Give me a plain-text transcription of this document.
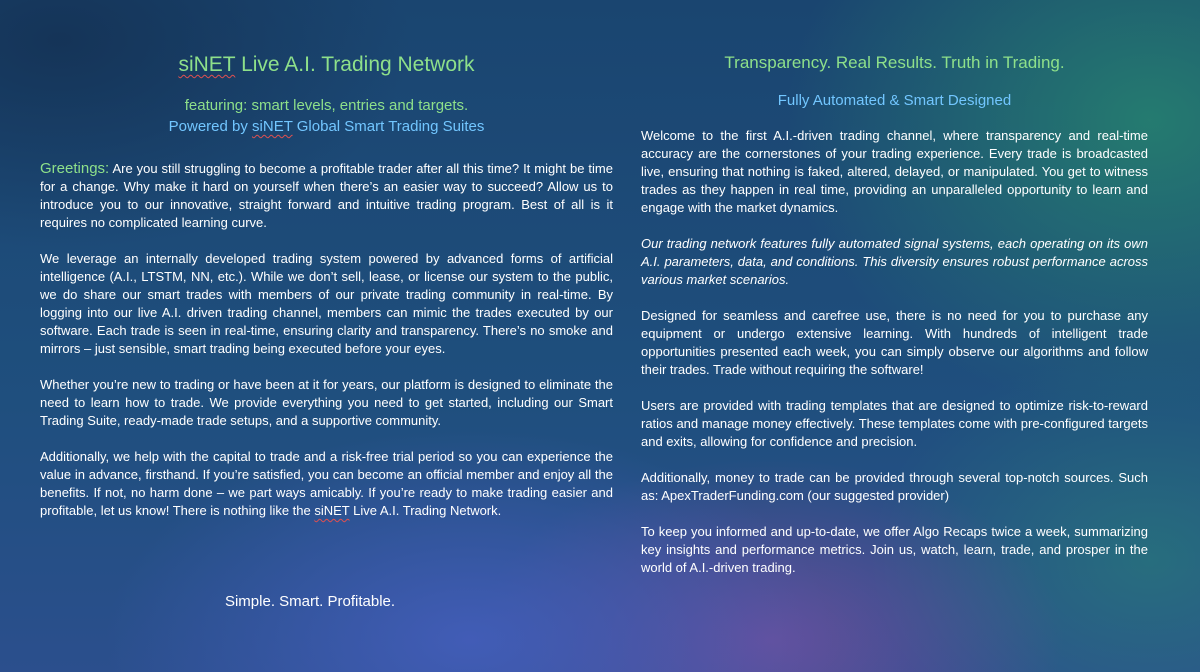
siNET Live A.I. Trading Network
featuring: smart levels, entries and targets.
Powered by siNET Global Smart Trading Suites

Greetings: Are you still struggling to become a profitable trader after all this time? It might be time for a change. Why make it hard on yourself when there’s an easier way to succeed? Allow us to introduce you to our innovative, straight forward and intuitive trading program. Best of all is it requires no complicated learning curve.

We leverage an internally developed trading system powered by advanced forms of artificial intelligence (A.I., LTSTM, NN, etc.). While we don’t sell, lease, or license our system to the public, we do share our smart trades with members of our private trading community in real-time. By logging into our live A.I. driven trading channel, members can mimic the trades executed by our software. Each trade is seen in real-time, ensuring clarity and transparency. There’s no smoke and mirrors – just sensible, smart trading being executed before your eyes.

Whether you’re new to trading or have been at it for years, our platform is designed to eliminate the need to learn how to trade. We provide everything you need to get started, including our Smart Trading Suite, ready-made trade setups, and a supportive community.

Additionally, we help with the capital to trade and a risk-free trial period so you can experience the value in advance, firsthand. If you’re satisfied, you can become an official member and enjoy all the benefits. If not, no harm done – we part ways amicably. If you’re ready to make trading easier and profitable, let us know! There is nothing like the siNET Live A.I. Trading Network.

Simple. Smart. Profitable.
Transparency. Real Results. Truth in Trading.
Fully Automated & Smart Designed

Welcome to the first A.I.-driven trading channel, where transparency and real-time accuracy are the cornerstones of your trading experience. Every trade is broadcasted live, ensuring that nothing is faked, altered, delayed, or manipulated. You get to witness trades as they happen in real time, providing an unparalleled opportunity to learn and engage with the market dynamics.

Our trading network features fully automated signal systems, each operating on its own A.I. parameters, data, and conditions. This diversity ensures robust performance across various market scenarios.

Designed for seamless and carefree use, there is no need for you to purchase any equipment or undergo extensive learning. With hundreds of intelligent trade opportunities presented each week, you can simply observe our algorithms and follow their trades. Trade without requiring the software!

Users are provided with trading templates that are designed to optimize risk-to-reward ratios and manage money effectively. These templates come with pre-configured targets and exits, allowing for confidence and precision.

Additionally, money to trade can be provided through several top-notch sources. Such as: ApexTraderFunding.com (our suggested provider)

To keep you informed and up-to-date, we offer Algo Recaps twice a week, summarizing key insights and performance metrics. Join us, watch, learn, trade, and prosper in the world of A.I.-driven trading.
